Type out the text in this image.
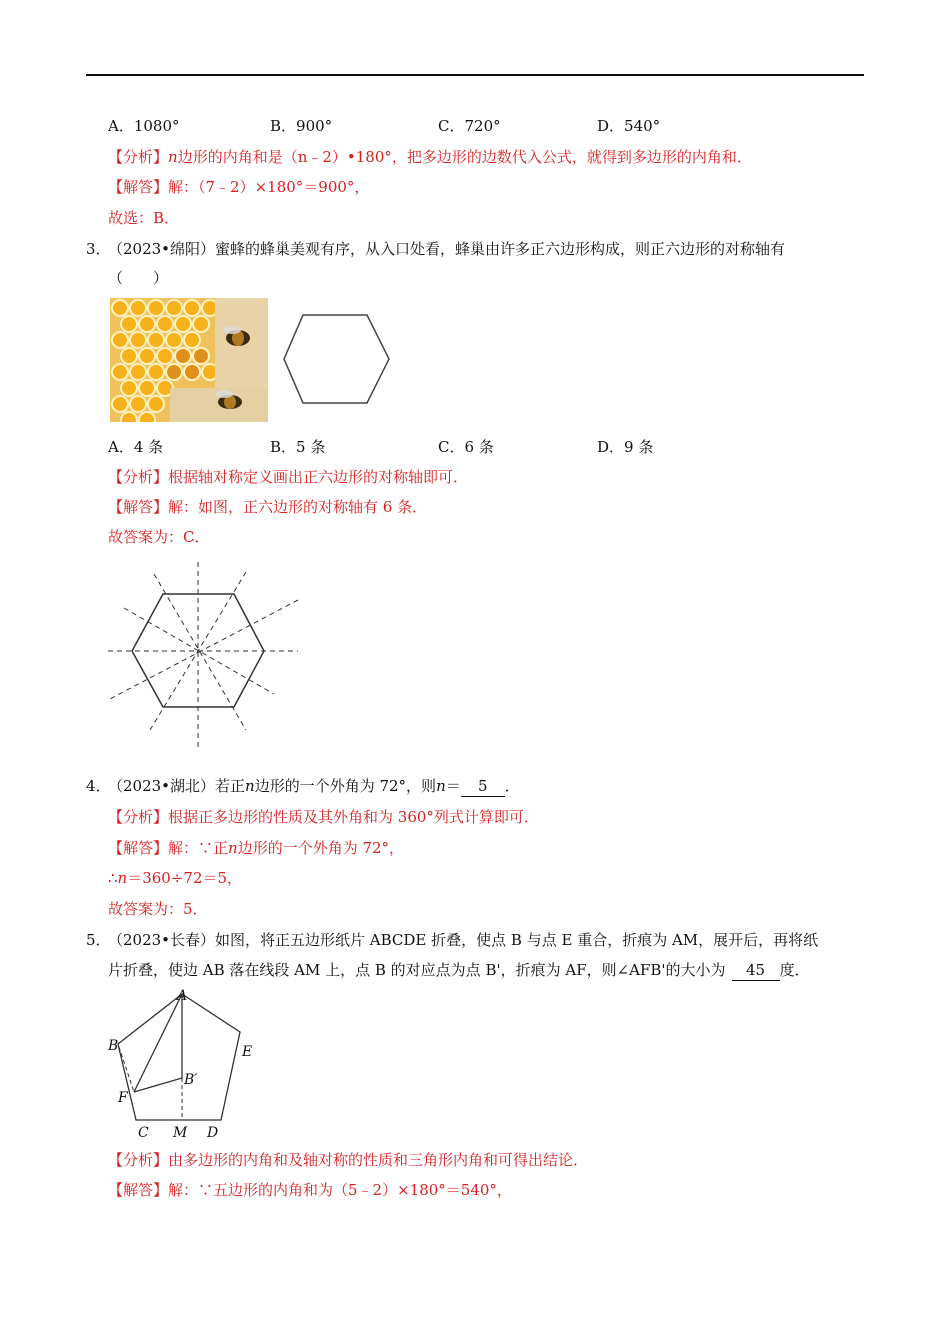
A．1080°	B．900°	C．720°	D．540°
【分析】n边形的内角和是（n﹣2）•180°，把多边形的边数代入公式，就得到多边形的内角和．
【解答】解：（7﹣2）×180°＝900°，
故选：B．
3．
（2023•绵阳）蜜蜂的蜂巢美观有序，从入口处看，蜂巢由许多正六边形构成，则正六边形的对称轴有
（　　）
A．4 条	B．5 条	C．6 条	D．9 条
【分析】根据轴对称定义画出正六边形的对称轴即可．
【解答】解：如图，正六边形的对称轴有 6 条．
故答案为：C．
4．
（2023•湖北）若正n边形的一个外角为 72°，则n＝ 5 ．
【分析】根据正多边形的性质及其外角和为 360°列式计算即可．
【解答】解：∵正n边形的一个外角为 72°，
∴n＝360÷72＝5，
故答案为：5．
5．
（2023•长春）如图，将正五边形纸片 ABCDE 折叠，使点 B 与点 E 重合，折痕为 AM，展开后，再将纸
片折叠，使边 AB 落在线段 AM 上，点 B 的对应点为点 B'，折痕为 AF，则∠AFB'的大小为 45 度．
A
B	E
B′
F
C M D
【分析】由多边形的内角和及轴对称的性质和三角形内角和可得出结论．
【解答】解：∵五边形的内角和为（5﹣2）×180°＝540°，
